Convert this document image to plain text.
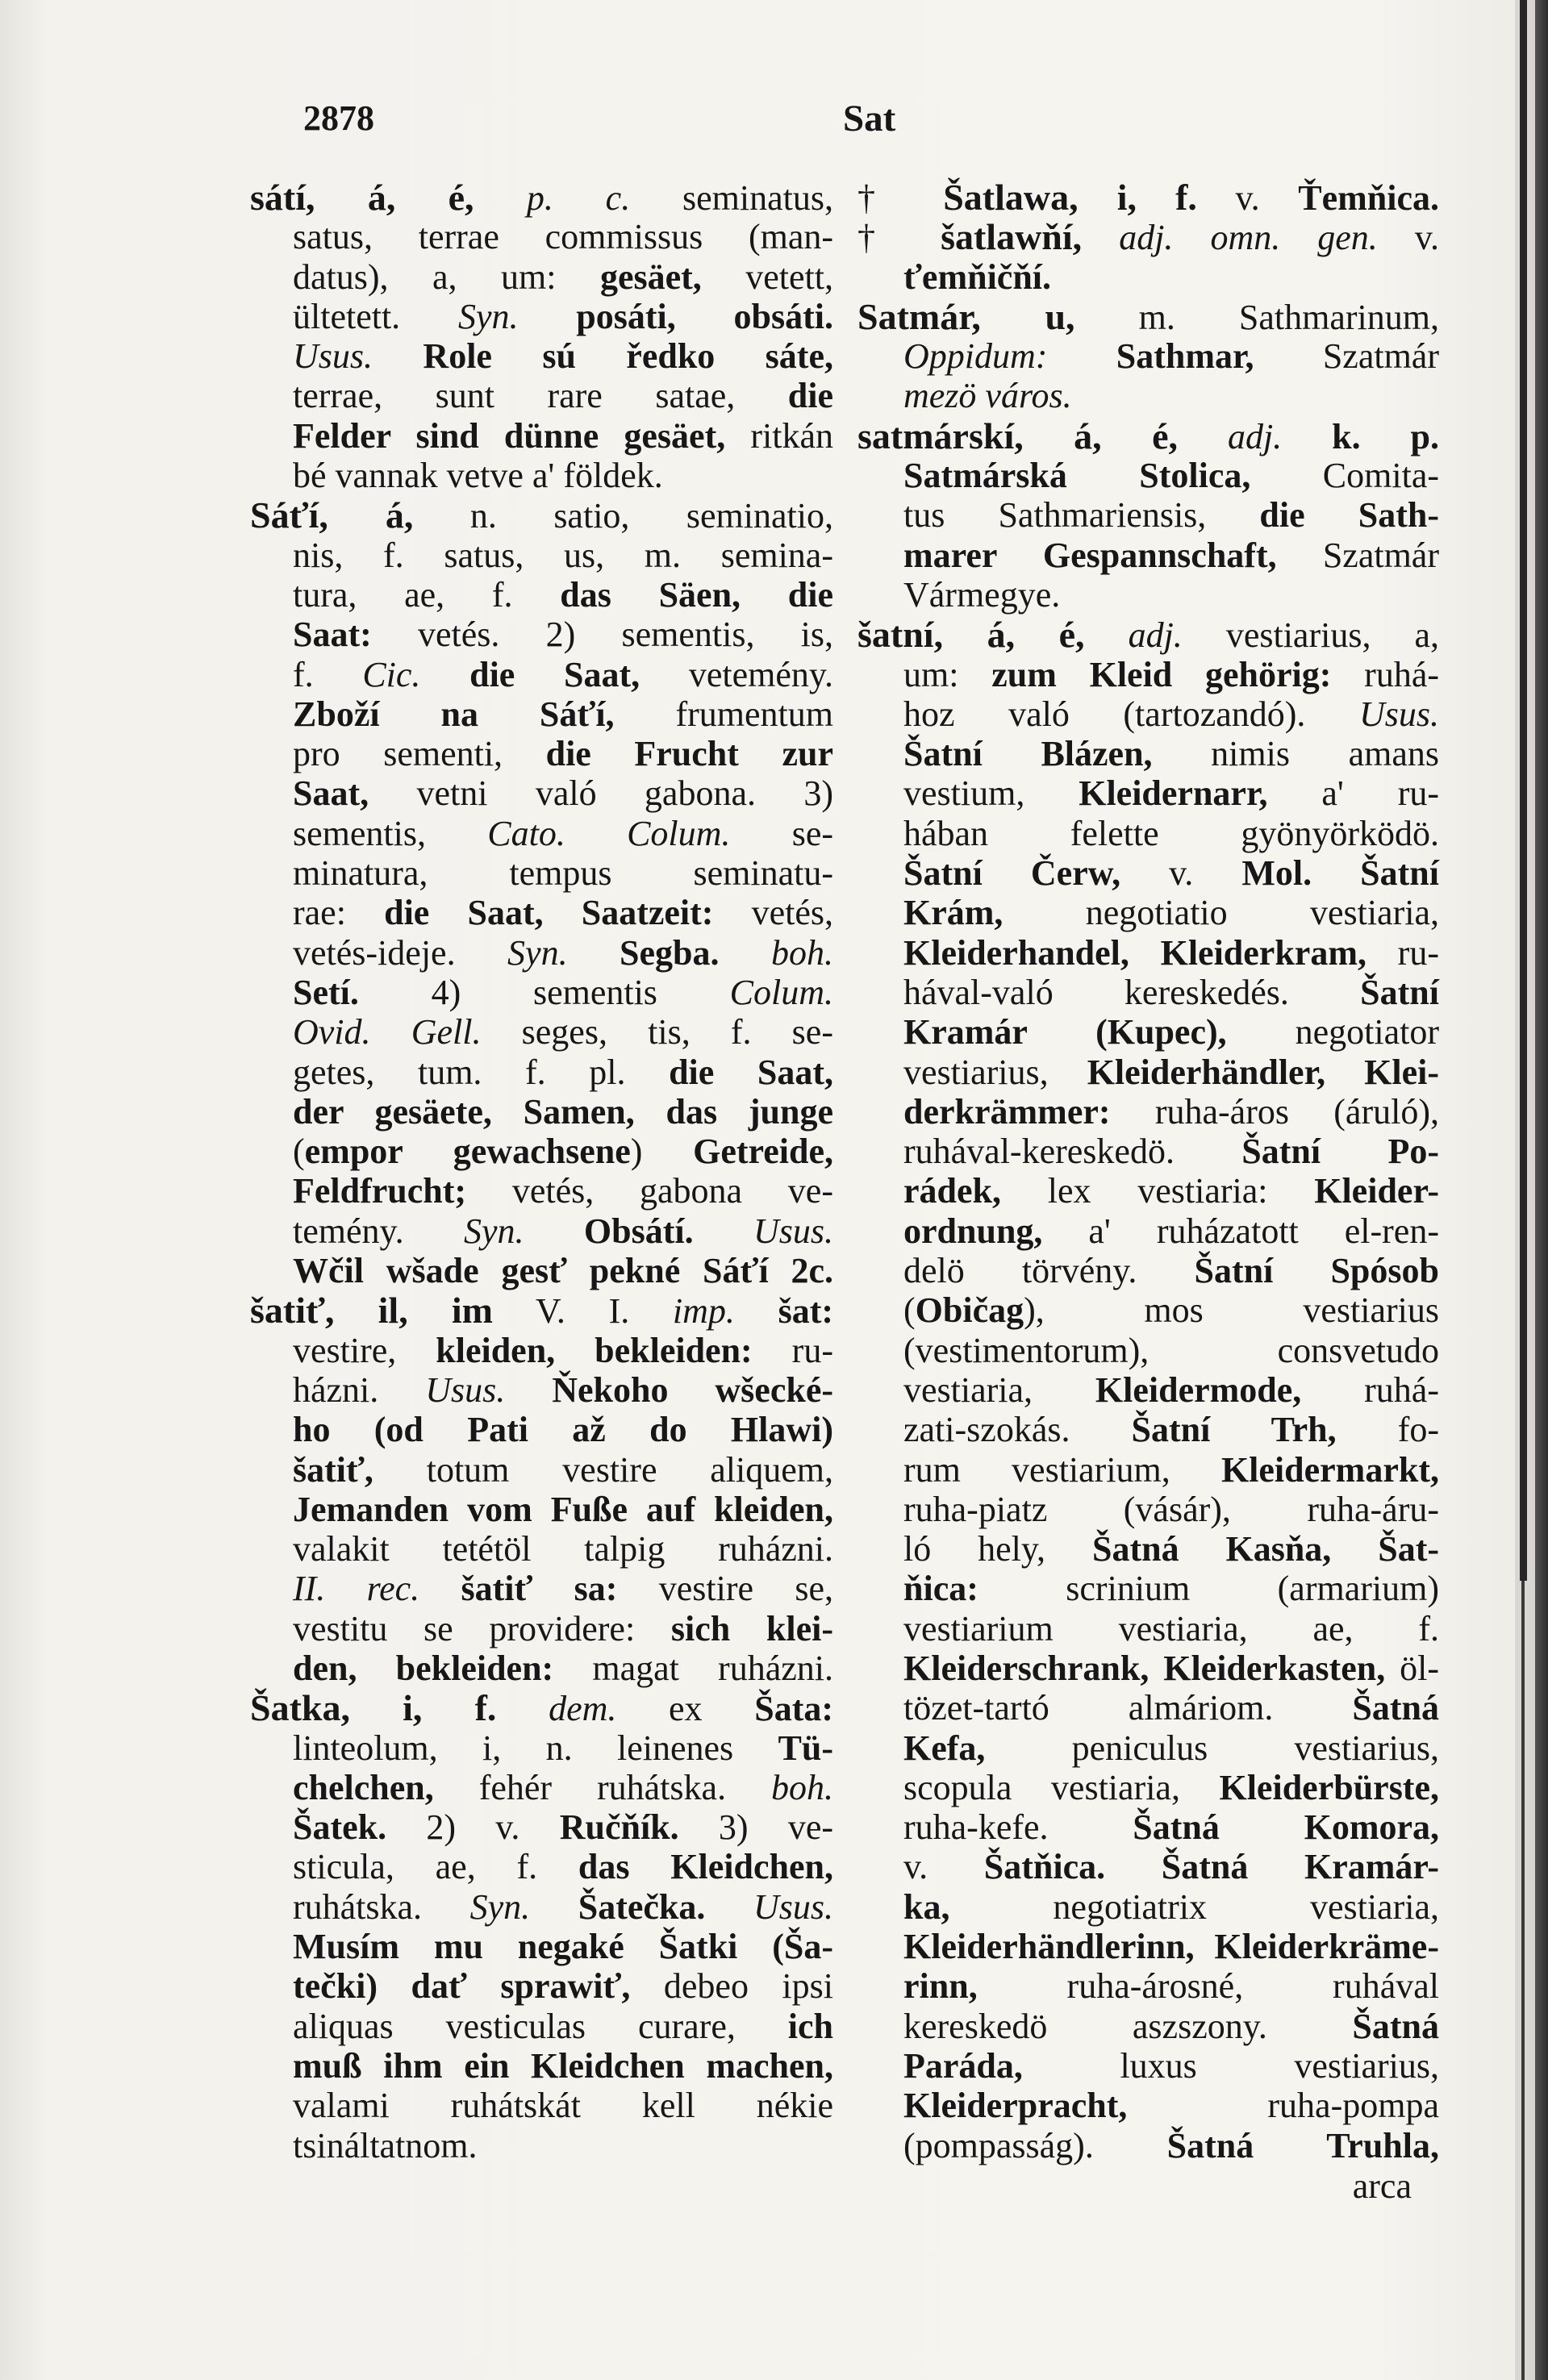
2878	Sat
sátí, á, é, p. c. seminatus,
satus, terrae commissus (man-
datus), a, um: gesäet, vetett,
ültetett. Syn. posáti, obsáti.
Usus. Role sú ředko sáte,
terrae, sunt rare satae, die
Felder sind dünne gesäet, ritkán
bé vannak vetve a' földek.
Sáťí, á, n. satio, seminatio,
nis, f. satus, us, m. semina-
tura, ae, f. das Säen, die
Saat: vetés. 2) sementis, is,
f. Cic. die Saat, vetemény.
Zboží na Sáťí, frumentum
pro sementi, die Frucht zur
Saat, vetni való gabona. 3)
sementis, Cato. Colum. se-
minatura, tempus seminatu-
rae: die Saat, Saatzeit: vetés,
vetés-ideje. Syn. Segba. boh.
Setí. 4) sementis Colum.
Ovid. Gell. seges, tis, f. se-
getes, tum. f. pl. die Saat,
der gesäete, Samen, das junge
(empor gewachsene) Getreide,
Feldfrucht; vetés, gabona ve-
temény. Syn. Obsátí. Usus.
Wčil wšade gesť pekné Sáťí 2c.
šatiť, il, im V. I. imp. šat:
vestire, kleiden, bekleiden: ru-
házni. Usus. Ňekoho wšecké-
ho (od Pati až do Hlawi)
šatiť, totum vestire aliquem,
Jemanden vom Fuße auf kleiden,
valakit tetétöl talpig ruházni.
II. rec. šatiť sa: vestire se,
vestitu se providere: sich klei-
den, bekleiden: magat ruházni.
Šatka, i, f. dem. ex Šata:
linteolum, i, n. leinenes Tü-
chelchen, fehér ruhátska. boh.
Šatek. 2) v. Ručňík. 3) ve-
sticula, ae, f. das Kleidchen,
ruhátska. Syn. Šatečka. Usus.
Musím mu negaké Šatki (Ša-
tečki) dať sprawiť, debeo ipsi
aliquas vesticulas curare, ich
muß ihm ein Kleidchen machen,
valami ruhátskát kell nékie
tsináltatnom.
† Šatlawa, i, f. v. Ťemňica.
† šatlawňí, adj. omn. gen. v.
ťemňičňí.
Satmár, u, m. Sathmarinum,
Oppidum: Sathmar, Szatmár
mezö város.
satmárskí, á, é, adj. k. p.
Satmárská Stolica, Comita-
tus Sathmariensis, die Sath-
marer Gespannschaft, Szatmár
Vármegye.
šatní, á, é, adj. vestiarius, a,
um: zum Kleid gehörig: ruhá-
hoz való (tartozandó). Usus.
Šatní Blázen, nimis amans
vestium, Kleidernarr, a' ru-
hában felette gyönyörködö.
Šatní Čerw, v. Mol. Šatní
Krám, negotiatio vestiaria,
Kleiderhandel, Kleiderkram, ru-
hával-való kereskedés. Šatní
Kramár (Kupec), negotiator
vestiarius, Kleiderhändler, Klei-
derkrämmer: ruha-áros (áruló),
ruhával-kereskedö. Šatní Po-
rádek, lex vestiaria: Kleider-
ordnung, a' ruházatott el-ren-
delö törvény. Šatní Spósob
(Običag), mos vestiarius
(vestimentorum), consvetudo
vestiaria, Kleidermode, ruhá-
zati-szokás. Šatní Trh, fo-
rum vestiarium, Kleidermarkt,
ruha-piatz (vásár), ruha-áru-
ló hely, Šatná Kasňa, Šat-
ňica: scrinium (armarium)
vestiarium vestiaria, ae, f.
Kleiderschrank, Kleiderkasten, öl-
tözet-tartó almáriom. Šatná
Kefa, peniculus vestiarius,
scopula vestiaria, Kleiderbürste,
ruha-kefe. Šatná Komora,
v. Šatňica. Šatná Kramár-
ka, negotiatrix vestiaria,
Kleiderhändlerinn, Kleiderkräme-
rinn, ruha-árosné, ruhával
kereskedö aszszony. Šatná
Paráda, luxus vestiarius,
Kleiderpracht, ruha-pompa
(pompasság). Šatná Truhla,
arca
